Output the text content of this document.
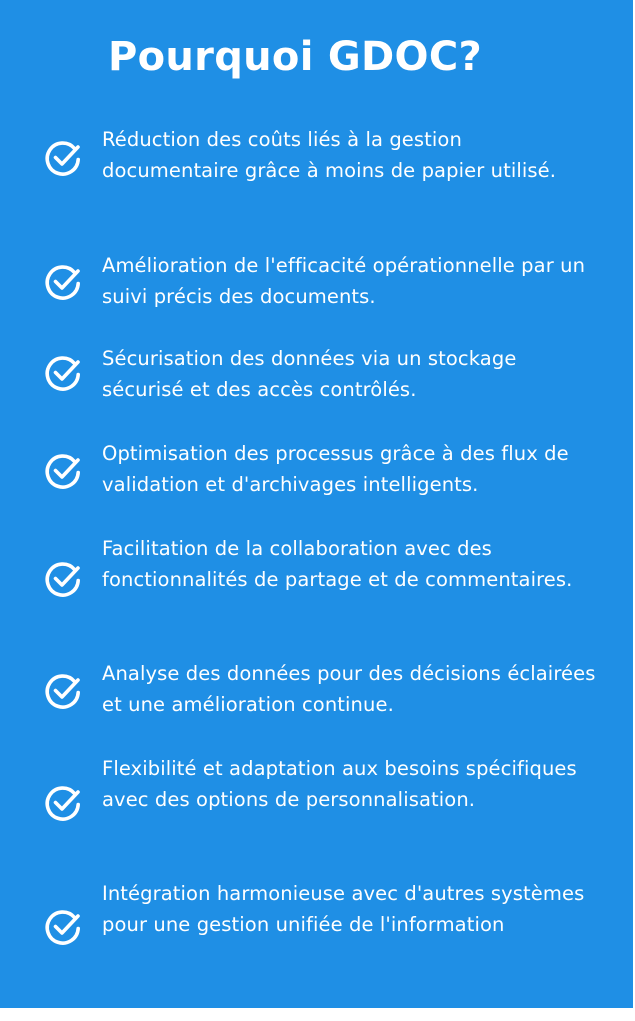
Pourquoi GDOC?

Réduction des coûts liés à la gestion documentaire grâce à moins de papier utilisé.

Amélioration de l'efficacité opérationnelle par un suivi précis des documents.

Sécurisation des données via un stockage sécurisé et des accès contrôlés.

Optimisation des processus grâce à des flux de validation et d'archivages intelligents.

Facilitation de la collaboration avec des fonctionnalités de partage et de commentaires.

Analyse des données pour des décisions éclairées et une amélioration continue.

Flexibilité et adaptation aux besoins spécifiques avec des options de personnalisation.

Intégration harmonieuse avec d'autres systèmes pour une gestion unifiée de l'information
